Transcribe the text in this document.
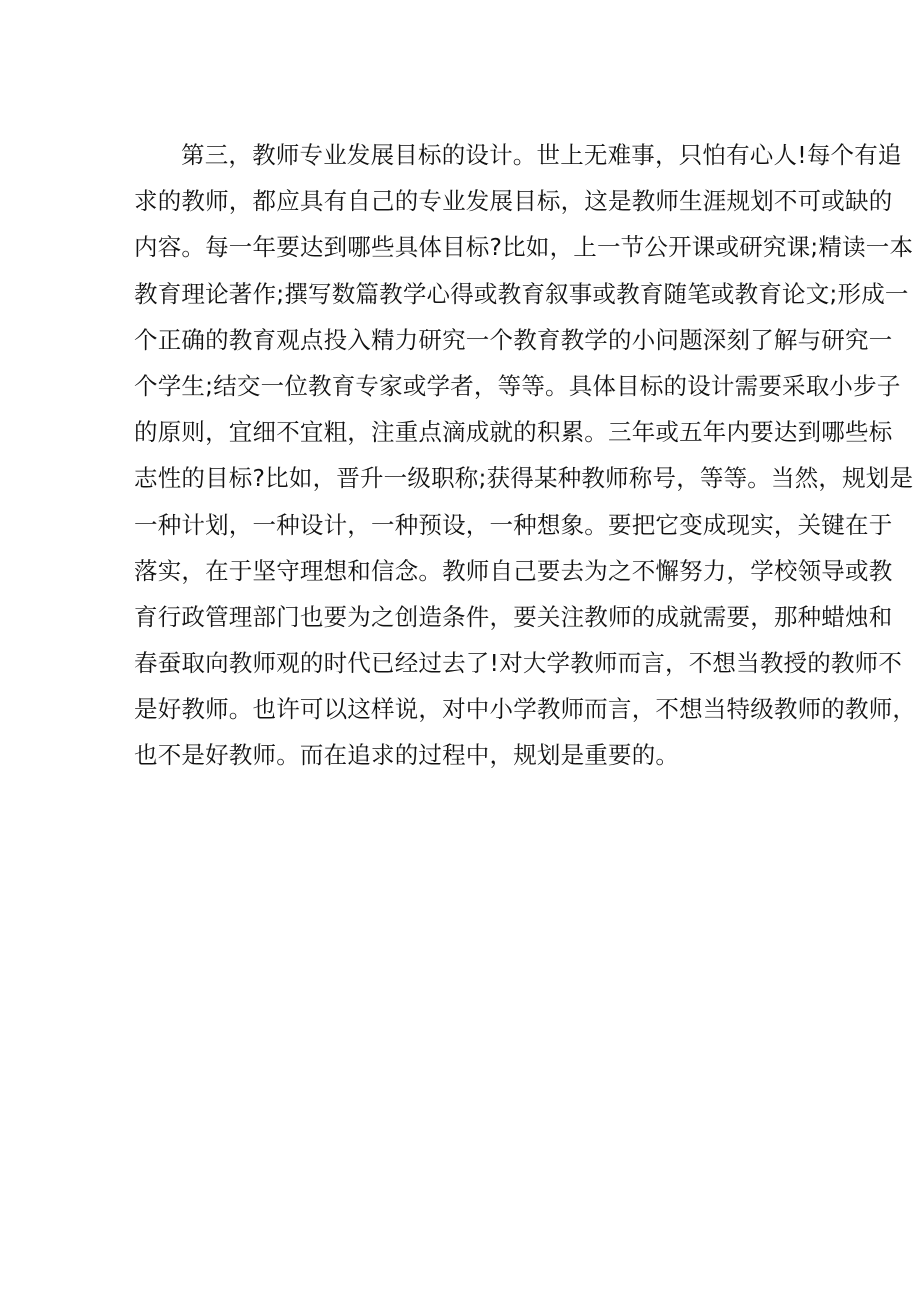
第三，教师专业发展目标的设计。世上无难事，只怕有心人!每个有追
求的教师，都应具有自己的专业发展目标，这是教师生涯规划不可或缺的
内容。每一年要达到哪些具体目标?比如，上一节公开课或研究课;精读一本
教育理论著作;撰写数篇教学心得或教育叙事或教育随笔或教育论文;形成一
个正确的教育观点投入精力研究一个教育教学的小问题深刻了解与研究一
个学生;结交一位教育专家或学者，等等。具体目标的设计需要采取小步子
的原则，宜细不宜粗，注重点滴成就的积累。三年或五年内要达到哪些标
志性的目标?比如，晋升一级职称;获得某种教师称号，等等。当然，规划是
一种计划，一种设计，一种预设，一种想象。要把它变成现实，关键在于
落实，在于坚守理想和信念。教师自己要去为之不懈努力，学校领导或教
育行政管理部门也要为之创造条件，要关注教师的成就需要，那种蜡烛和
春蚕取向教师观的时代已经过去了!对大学教师而言，不想当教授的教师不
是好教师。也许可以这样说，对中小学教师而言，不想当特级教师的教师，
也不是好教师。而在追求的过程中，规划是重要的。
